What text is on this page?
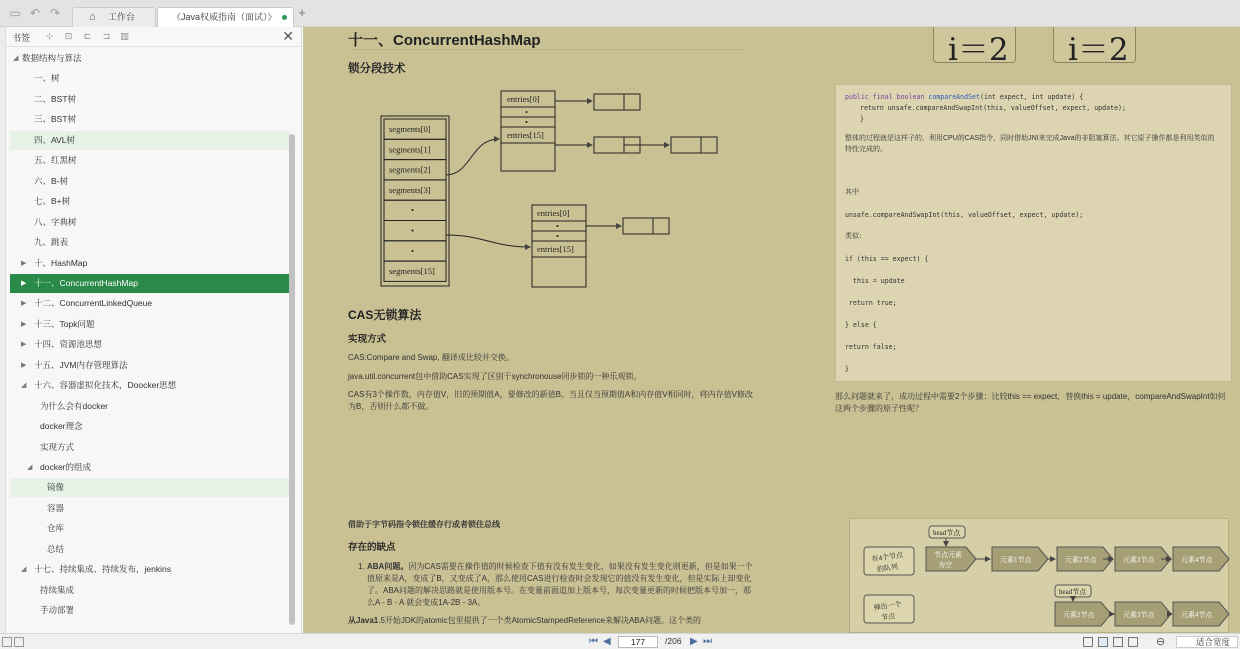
▭ ↶ ↷	⌂ 工作台	《Java权威指南（面试）》 +
书签 ⊹ ⊡ ⊏ ⊐ ▥	✕
◢ 数据结构与算法
一、树
二、BST树
三、BST树
四、AVL树
五、红黑树
六、B-树
七、B+树
八、字典树
九、跳表
▶ 十、HashMap
▶ 十一、ConcurrentHashMap
▶ 十二、ConcurrentLinkedQueue
▶ 十三、Topk问题
▶ 十四、资源池思想
▶ 十五、JVM内存管理算法
◢ 十六、容器虚拟化技术，Doocker思想
为什么会有docker
docker理念
实现方式
◢ docker的组成
镜像
容器
仓库
总结
◢ 十七、持续集成、持续发布，jenkins
持续集成
手动部署
十一、ConcurrentHashMap
锁分段技术
segments[0]
segments[1]
segments[2]
segments[3]
•
•
•
segments[15]
entries[0]
•
•
entries[15]
entries[0]
•
•
entries[15]
CAS无锁算法
实现方式
CAS:Compare and Swap, 翻译成比较并交换。
java.util.concurrent包中借助CAS实现了区别于synchronouse同步锁的一种乐观锁。
CAS有3个操作数，内存值V，旧的预期值A，要修改的新值B。当且仅当预期值A和内存值V相同时，将内存值V修改
为B，否则什么都不做。
借助于字节码指令锁住缓存行或者锁住总线
存在的缺点
1. ABA问题。因为CAS需要在操作值的时候检查下值有没有发生变化，如果没有发生变化则更新，但是如果一个
值原来是A，变成了B，又变成了A，那么使用CAS进行检查时会发现它的值没有发生变化，但是实际上却变化
了。ABA问题的解决思路就是使用版本号。在变量前面追加上版本号，每次变量更新的时候把版本号加一，那
么A - B - A 就会变成1A-2B - 3A。
从Java1.5开始JDK的atomic包里提供了一个类AtomicStampedReference来解决ABA问题。这个类的
i＝2 i＝2
public final boolean compareAndSet(int expect, int update) {
return unsafe.compareAndSwapInt(this, valueOffset, expect, update);
}
整体的过程就是这样子的，利用CPU的CAS指令，同时借助JNI来完成Java的非阻塞算法。其它原子操作都是利用类似的
特性完成的。
其中
unsafe.compareAndSwapInt(this, valueOffset, expect, update);
类似：
if (this == expect) {
this = update
return true;
} else {
return false;
}
那么问题就来了，成功过程中需要2个步骤：比较this == expect，替换this = update，compareAndSwapInt如何
这两个步骤的原子性呢？
head节点
有4个节点
的队列
节点元素
为空
元素1节点	元素2节点	元素3节点	元素4节点
head节点
弹出一个
节点	元素2节点	元素3节点	元素4节点
⏮ ◀
177	/206 ▶ ⏭	⊖	适合宽度
